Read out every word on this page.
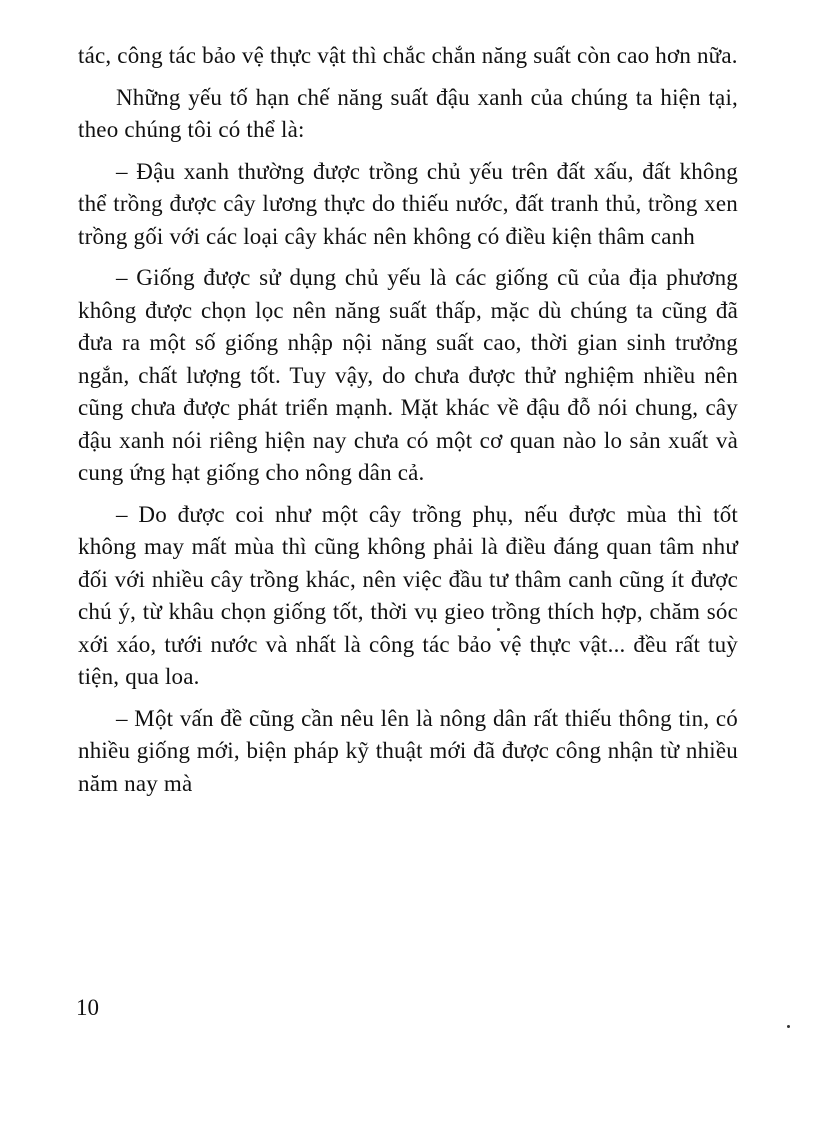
tác, công tác bảo vệ thực vật thì chắc chắn năng suất còn cao hơn nữa.

Những yếu tố hạn chế năng suất đậu xanh của chúng ta hiện tại, theo chúng tôi có thể là:

– Đậu xanh thường được trồng chủ yếu trên đất xấu, đất không thể trồng được cây lương thực do thiếu nước, đất tranh thủ, trồng xen trồng gối với các loại cây khác nên không có điều kiện thâm canh

– Giống được sử dụng chủ yếu là các giống cũ của địa phương không được chọn lọc nên năng suất thấp, mặc dù chúng ta cũng đã đưa ra một số giống nhập nội năng suất cao, thời gian sinh trưởng ngắn, chất lượng tốt. Tuy vậy, do chưa được thử nghiệm nhiều nên cũng chưa được phát triển mạnh. Mặt khác về đậu đỗ nói chung, cây đậu xanh nói riêng hiện nay chưa có một cơ quan nào lo sản xuất và cung ứng hạt giống cho nông dân cả.

– Do được coi như một cây trồng phụ, nếu được mùa thì tốt không may mất mùa thì cũng không phải là điều đáng quan tâm như đối với nhiều cây trồng khác, nên việc đầu tư thâm canh cũng ít được chú ý, từ khâu chọn giống tốt, thời vụ gieo trồng thích hợp, chăm sóc xới xáo, tưới nước và nhất là công tác bảo vệ thực vật... đều rất tuỳ tiện, qua loa.

– Một vấn đề cũng cần nêu lên là nông dân rất thiếu thông tin, có nhiều giống mới, biện pháp kỹ thuật mới đã được công nhận từ nhiều năm nay mà

10
